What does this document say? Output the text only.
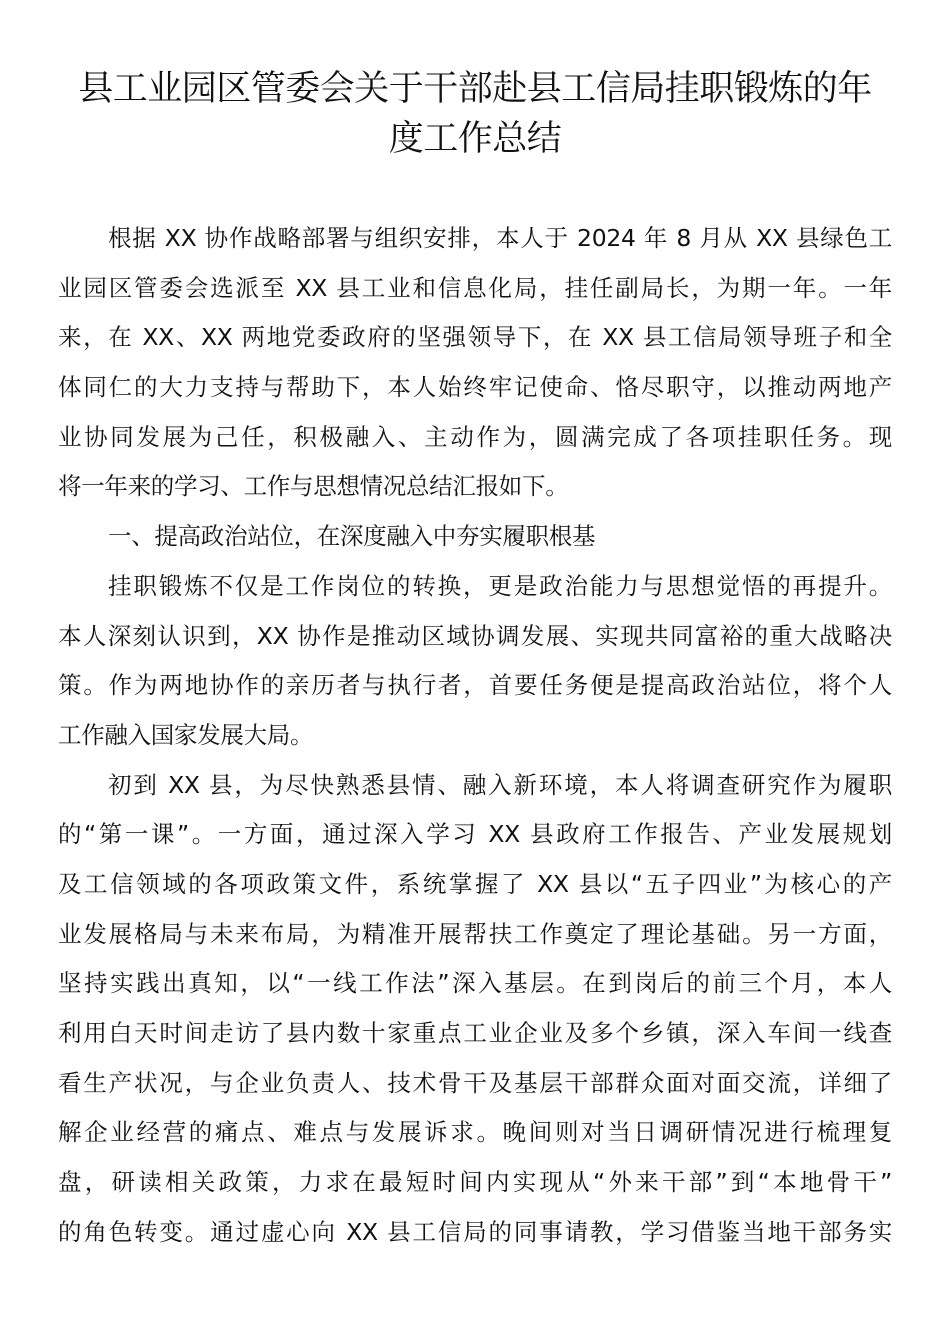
县工业园区管委会关于干部赴县工信局挂职锻炼的年
度工作总结
根据 XX 协作战略部署与组织安排，本人于 2024 年 8 月从 XX 县绿色工
业园区管委会选派至 XX 县工业和信息化局，挂任副局长，为期一年。一年
来，在 XX、XX 两地党委政府的坚强领导下，在 XX 县工信局领导班子和全
体同仁的大力支持与帮助下，本人始终牢记使命、恪尽职守，以推动两地产
业协同发展为己任，积极融入、主动作为，圆满完成了各项挂职任务。现
将一年来的学习、工作与思想情况总结汇报如下。
一、提高政治站位，在深度融入中夯实履职根基
挂职锻炼不仅是工作岗位的转换，更是政治能力与思想觉悟的再提升。
本人深刻认识到，XX 协作是推动区域协调发展、实现共同富裕的重大战略决
策。作为两地协作的亲历者与执行者，首要任务便是提高政治站位，将个人
工作融入国家发展大局。
初到 XX 县，为尽快熟悉县情、融入新环境，本人将调查研究作为履职
的“第一课”。一方面，通过深入学习 XX 县政府工作报告、产业发展规划
及工信领域的各项政策文件，系统掌握了 XX 县以“五子四业”为核心的产
业发展格局与未来布局，为精准开展帮扶工作奠定了理论基础。另一方面，
坚持实践出真知，以“一线工作法”深入基层。在到岗后的前三个月，本人
利用白天时间走访了县内数十家重点工业企业及多个乡镇，深入车间一线查
看生产状况，与企业负责人、技术骨干及基层干部群众面对面交流，详细了
解企业经营的痛点、难点与发展诉求。晚间则对当日调研情况进行梳理复
盘，研读相关政策，力求在最短时间内实现从“外来干部”到“本地骨干”
的角色转变。通过虚心向 XX 县工信局的同事请教，学习借鉴当地干部务实
